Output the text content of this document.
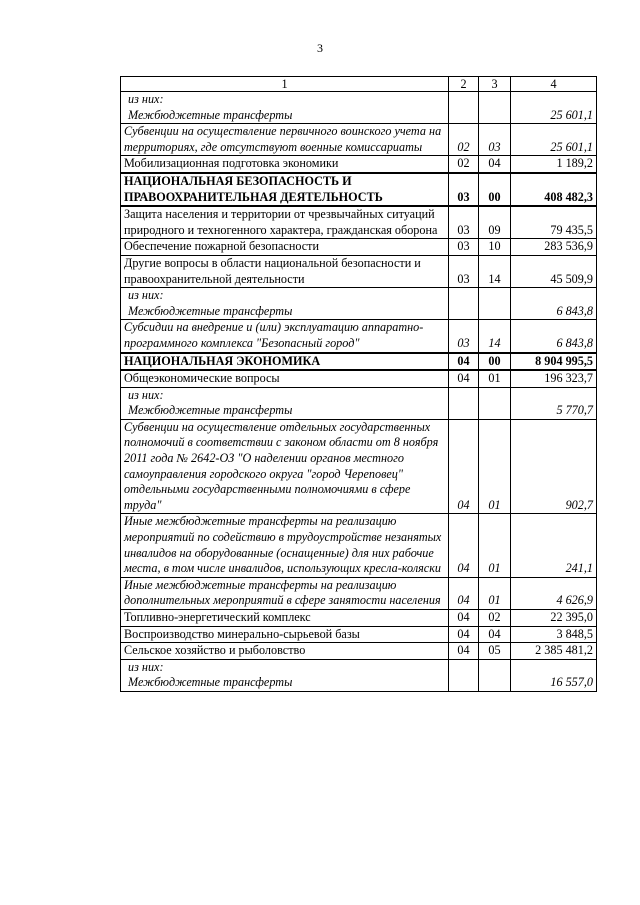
3
1	2	3	4

из них:
Межбюджетные трансферты			25 601,1
Субвенции на осуществление первичного воинского учета на территориях, где отсутствуют военные комиссариаты	02	03	25 601,1
Мобилизационная подготовка экономики	02	04	1 189,2
НАЦИОНАЛЬНАЯ БЕЗОПАСНОСТЬ И ПРАВООХРАНИТЕЛЬНАЯ ДЕЯТЕЛЬНОСТЬ	03	00	408 482,3
Защита населения и территории от чрезвычайных ситуаций природного и техногенного характера, гражданская оборона	03	09	79 435,5
Обеспечение пожарной безопасности	03	10	283 536,9
Другие вопросы в области национальной безопасности и правоохранительной деятельности	03	14	45 509,9

из них:
Межбюджетные трансферты			6 843,8
Субсидии на внедрение и (или) эксплуатацию аппаратно-программного комплекса "Безопасный город"	03	14	6 843,8
НАЦИОНАЛЬНАЯ ЭКОНОМИКА	04	00	8 904 995,5
Общеэкономические вопросы	04	01	196 323,7

из них:
Межбюджетные трансферты			5 770,7
Субвенции на осуществление отдельных государственных полномочий в соответствии с законом области от 8 ноября 2011 года № 2642-ОЗ "О наделении органов местного самоуправления городского округа "город Череповец" отдельными государственными полномочиями в сфере труда"	04	01	902,7
Иные межбюджетные трансферты на реализацию мероприятий по содействию в трудоустройстве незанятых инвалидов на оборудованные (оснащенные) для них рабочие места, в том числе инвалидов, использующих кресла-коляски	04	01	241,1
Иные межбюджетные трансферты на реализацию дополнительных мероприятий в сфере занятости населения	04	01	4 626,9
Топливно-энергетический комплекс	04	02	22 395,0
Воспроизводство минерально-сырьевой базы	04	04	3 848,5
Сельское хозяйство и рыболовство	04	05	2 385 481,2

из них:
Межбюджетные трансферты			16 557,0
